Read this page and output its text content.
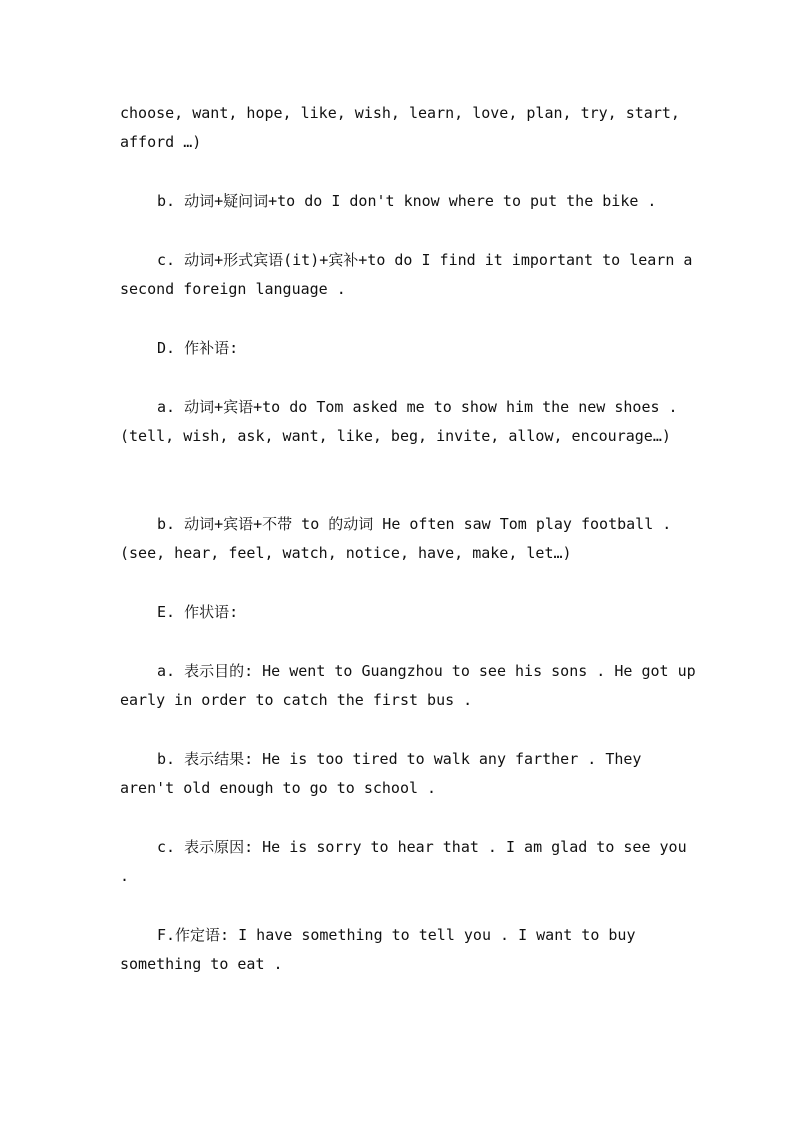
choose, want, hope, like, wish, learn, love, plan, try, start, afford …)

b. 动词+疑问词+to do I don't know where to put the bike .

c. 动词+形式宾语(it)+宾补+to do I find it important to learn a second foreign language .

D. 作补语:

a. 动词+宾语+to do Tom asked me to show him the new shoes . (tell, wish, ask, want, like, beg, invite, allow, encourage…)

b. 动词+宾语+不带 to 的动词 He often saw Tom play football .(see, hear, feel, watch, notice, have, make, let…)

E. 作状语:

a. 表示目的: He went to Guangzhou to see his sons . He got up early in order to catch the first bus .

b. 表示结果: He is too tired to walk any farther . They aren't old enough to go to school .

c. 表示原因: He is sorry to hear that . I am glad to see you .

F.作定语: I have something to tell you . I want to buy something to eat .
